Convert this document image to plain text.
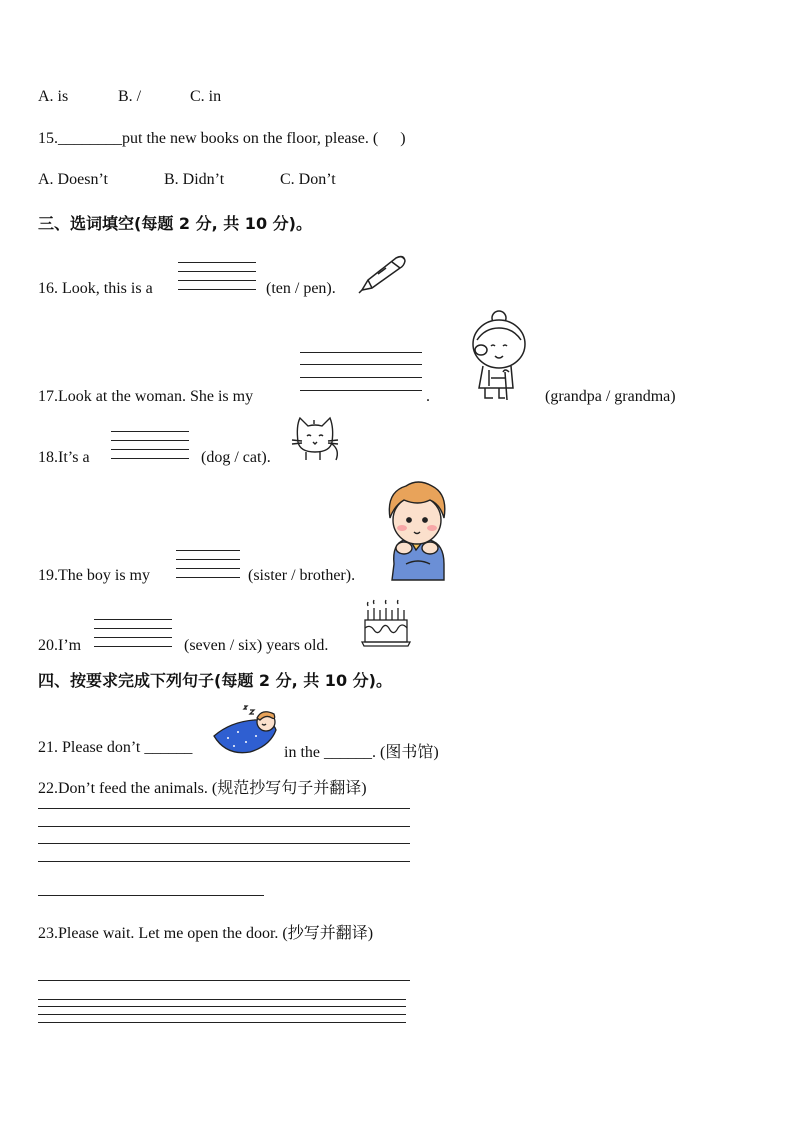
A. is	B. /	C. in
15.________put the new books on the floor, please. ( )
A. Doesn’t	B. Didn’t	C. Don’t
三、选词填空(每题 2 分, 共 10 分)。
16. Look, this is a	(ten / pen).
17.Look at the woman. She is my	.	(grandpa / grandma)
18.It’s a	(dog / cat).
19.The boy is my	(sister / brother).
20.I’m	(seven / six) years old.
四、按要求完成下列句子(每题 2 分, 共 10 分)。
21. Please don’t ______	in the ______. (图书馆)
22.Don’t feed the animals. (规范抄写句子并翻译)
23.Please wait. Let me open the door. (抄写并翻译)
